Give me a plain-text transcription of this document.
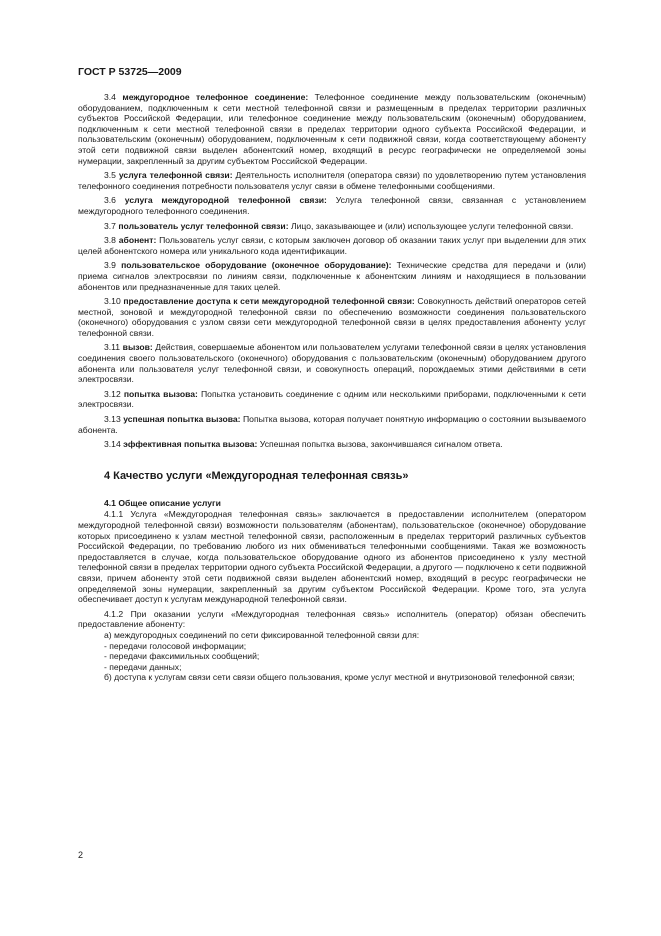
ГОСТ Р 53725—2009

3.4 междугородное телефонное соединение: Телефонное соединение между пользовательским (оконечным) оборудованием, подключенным к сети местной телефонной связи и размещенным в пределах территории различных субъектов Российской Федерации, или телефонное соединение между пользовательским (оконечным) оборудованием, подключенным к сети местной телефонной связи в пределах территории одного субъекта Российской Федерации, и пользовательским (оконечным) оборудованием, подключенным к сети подвижной связи, когда соответствующему абоненту этой сети подвижной связи выделен абонентский номер, входящий в ресурс географически не определяемой зоны нумерации, закрепленный за другим субъектом Российской Федерации.

3.5 услуга телефонной связи: Деятельность исполнителя (оператора связи) по удовлетворению путем установления телефонного соединения потребности пользователя услуг связи в обмене телефонными сообщениями.

3.6 услуга междугородной телефонной связи: Услуга телефонной связи, связанная с установлением междугородного телефонного соединения.

3.7 пользователь услуг телефонной связи: Лицо, заказывающее и (или) использующее услуги телефонной связи.

3.8 абонент: Пользователь услуг связи, с которым заключен договор об оказании таких услуг при выделении для этих целей абонентского номера или уникального кода идентификации.

3.9 пользовательское оборудование (оконечное оборудование): Технические средства для передачи и (или) приема сигналов электросвязи по линиям связи, подключенные к абонентским линиям и находящиеся в пользовании абонентов или предназначенные для таких целей.

3.10 предоставление доступа к сети междугородной телефонной связи: Совокупность действий операторов сетей местной, зоновой и междугородной телефонной связи по обеспечению возможности соединения пользовательского (оконечного) оборудования с узлом связи сети междугородной телефонной связи в целях предоставления абоненту услуг телефонной связи.

3.11 вызов: Действия, совершаемые абонентом или пользователем услугами телефонной связи в целях установления соединения своего пользовательского (оконечного) оборудования с пользовательским (оконечным) оборудованием другого абонента или пользователя услуг телефонной связи, и совокупность операций, порождаемых этими действиями в сети электросвязи.

3.12 попытка вызова: Попытка установить соединение с одним или несколькими приборами, подключенными к сети электросвязи.

3.13 успешная попытка вызова: Попытка вызова, которая получает понятную информацию о состоянии вызываемого абонента.

3.14 эффективная попытка вызова: Успешная попытка вызова, закончившаяся сигналом ответа.

4 Качество услуги «Междугородная телефонная связь»
4.1 Общее описание услуги

4.1.1 Услуга «Междугородная телефонная связь» заключается в предоставлении исполнителем (оператором междугородной телефонной связи) возможности пользователям (абонентам), пользовательское (оконечное) оборудование которых присоединено к узлам местной телефонной связи, расположенным в пределах территорий различных субъектов Российской Федерации, по требованию любого из них обмениваться телефонными сообщениями. Такая же возможность предоставляется в случае, когда пользовательское оборудование одного из абонентов присоединено к узлу местной телефонной связи в пределах территории одного субъекта Российской Федерации, а другого — подключено к сети подвижной связи, причем абоненту этой сети подвижной связи выделен абонентский номер, входящий в ресурс географически не определяемой зоны нумерации, закрепленный за другим субъектом Российской Федерации. Кроме того, эта услуга обеспечивает доступ к услугам международной телефонной связи.

4.1.2 При оказании услуги «Междугородная телефонная связь» исполнитель (оператор) обязан обеспечить предоставление абоненту:

а) междугородных соединений по сети фиксированной телефонной связи для:

- передачи голосовой информации;

- передачи факсимильных сообщений;

- передачи данных;

б) доступа к услугам связи сети связи общего пользования, кроме услуг местной и внутризоновой телефонной связи;

2
